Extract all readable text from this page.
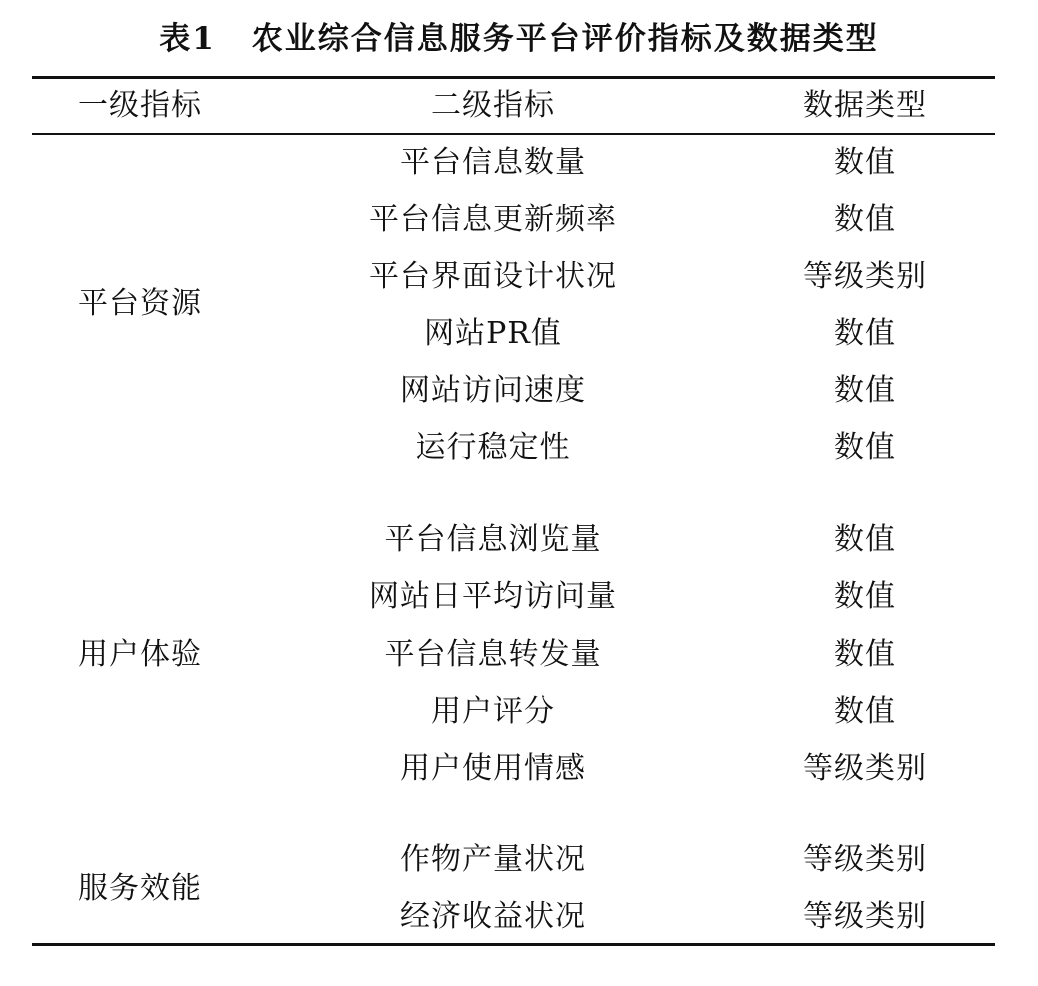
表1 农业综合信息服务平台评价指标及数据类型
一级指标	二级指标	数据类型
平台资源
平台信息数量	数值
平台信息更新频率	数值
平台界面设计状况	等级类别
网站PR值	数值
网站访问速度	数值
运行稳定性	数值
用户体验
平台信息浏览量	数值
网站日平均访问量	数值
平台信息转发量	数值
用户评分	数值
用户使用情感	等级类别
服务效能
作物产量状况	等级类别
经济收益状况	等级类别
